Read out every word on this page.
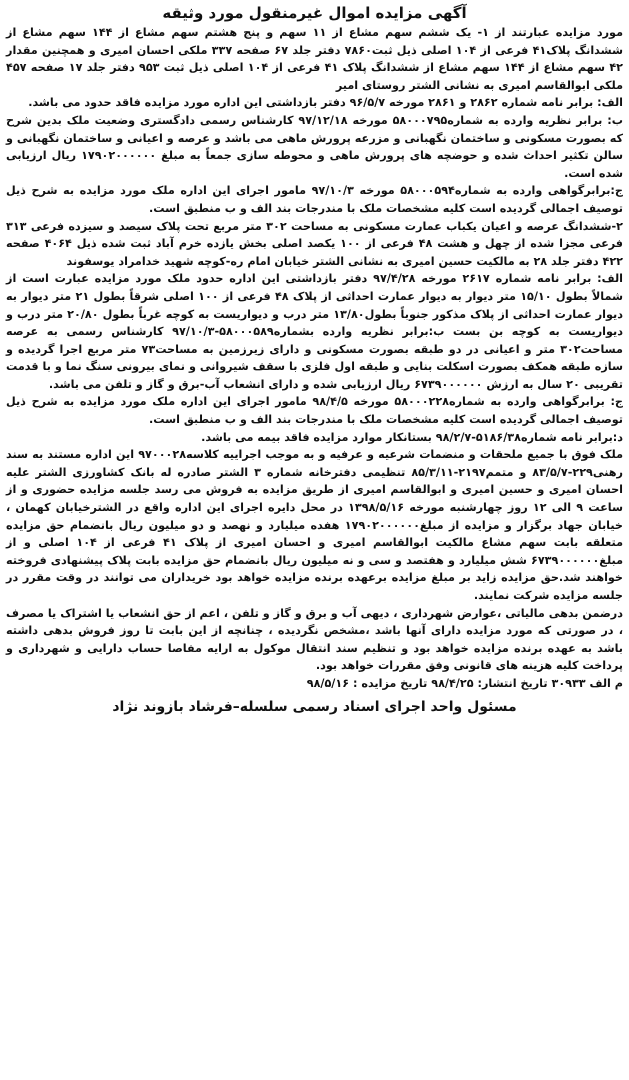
آگهی مزایده اموال غیرمنقول مورد وثیقه

مورد مزایده عبارتند از ۱- یک ششم سهم مشاع از ۱۱ سهم و پنج هشتم سهم مشاع از ۱۴۴ سهم مشاع از ششدانگ پلاک۴۱ فرعی از ۱۰۴ اصلی ذیل ثبت۷۸۶۰ دفتر جلد ۶۷ صفحه ۳۳۷ ملکی احسان امیری و همچنین مقدار ۴۲ سهم مشاع از ۱۴۴ سهم مشاع از ششدانگ پلاک ۴۱ فرعی از ۱۰۴ اصلی ذیل ثبت ۹۵۳ دفتر جلد ۱۷ صفحه ۴۵۷ ملکی ابوالقاسم امیری به نشانی الشتر روستای امیر

الف: برابر نامه شماره ۲۸۶۲ و ۲۸۶۱ مورخه ۹۶/۵/۷ دفتر بازداشتی این اداره مورد مزایده فاقد حدود می باشد.

ب: برابر نظریه وارده به شماره۵۸۰۰۰۷۹۵ مورخه ۹۷/۱۲/۱۸ کارشناس رسمی دادگستری وضعیت ملک بدین شرح که بصورت مسکونی و ساختمان نگهبانی و مزرعه پرورش ماهی می باشد و عرصه و اعیانی و ساختمان نگهبانی و سالن تکثیر احداث شده و حوضچه های پرورش ماهی و محوطه سازی جمعاً به مبلغ ۱۷۹۰۲۰۰۰۰۰۰ ریال ارزیابی شده است.

ج:برابرگواهی وارده به شماره۵۸۰۰۰۵۹۴ مورخه ۹۷/۱۰/۳ مامور اجرای این اداره ملک مورد مزایده به شرح ذیل توصیف اجمالی گردیده است کلیه مشخصات ملک با مندرجات بند الف و ب منطبق است.

۲-ششدانگ عرصه و اعیان یکباب عمارت مسکونی به مساحت ۳۰۲ متر مربع تحت پلاک سیصد و سیزده فرعی ۳۱۳ فرعی مجزا شده از چهل و هشت ۴۸ فرعی از ۱۰۰ یکصد اصلی بخش یازده خرم آباد ثبت شده ذیل ۴۰۶۴ صفحه ۴۲۲ دفتر جلد ۲۸ به مالکیت حسین امیری به نشانی الشتر خیابان امام ره-کوچه شهید خدامراد یوسفوند

الف: برابر نامه شماره ۲۶۱۷ مورخه ۹۷/۴/۲۸ دفتر بازداشتی این اداره حدود ملک مورد مزایده عبارت است از شمالاً بطول ۱۵/۱۰ متر دیوار به دیوار عمارت احداثی از پلاک ۴۸ فرعی از ۱۰۰ اصلی شرقاً بطول ۲۱ متر دیوار به دیوار عمارت احداثی از پلاک مذکور جنوباً بطول۱۳/۸۰ متر درب و دیواریست به کوچه غرباً بطول ۲۰/۸۰ متر درب و دیواریست به کوچه بن بست ب:برابر نظریه وارده بشماره۵۸۰۰۰۵۸۹-۹۷/۱۰/۳ کارشناس رسمی به عرصه مساحت۳۰۲ متر و اعیانی در دو طبقه بصورت مسکونی و دارای زیرزمین به مساحت۷۳ متر مربع اجرا گردیده و سازه طبقه همکف بصورت اسکلت بنایی و طبقه اول فلزی با سقف شیروانی و نمای بیرونی سنگ نما و با قدمت تقریبی ۲۰ سال به ارزش ۶۷۳۹۰۰۰۰۰۰ ریال ارزیابی شده و دارای انشعاب آب-برق و گاز و تلفن می باشد.

ج: برابرگواهی وارده به شماره۵۸۰۰۰۲۲۸ مورخه ۹۸/۴/۵ مامور اجرای این اداره ملک مورد مزایده به شرح ذیل توصیف اجمالی گردیده است کلیه مشخصات ملک با مندرجات بند الف و ب منطبق است.

د:برابر نامه شماره۵۱۸۶/۳۸-۹۸/۲/۷ بستانکار موارد مزایده فاقد بیمه می باشد.

ملک فوق با جمیع ملحقات و منضمات شرعیه و عرفیه و به موجب اجراییه کلاسه۹۷۰۰۰۲۸ این اداره مستند به سند رهنی۲۲۹-۸۳/۵/۷ و متمم۲۱۹۷-۸۵/۳/۱۱ تنظیمی دفترخانه شماره ۳ الشتر صادره له بانک کشاورزی الشتر علیه احسان امیری و حسین امیری و ابوالقاسم امیری از طریق مزایده به فروش می رسد جلسه مزایده حضوری و از ساعت ۹ الی ۱۲ روز چهارشنبه مورخه ۱۳۹۸/۵/۱۶ در محل دایره اجرای این اداره واقع در الشترخیابان کهمان ، خیابان جهاد برگزار و مزایده از مبلغ۱۷۹۰۲۰۰۰۰۰۰ هفده میلیارد و نهصد و دو میلیون ریال بانضمام حق مزایده متعلقه بابت سهم مشاع مالکیت ابوالقاسم امیری و احسان امیری از پلاک ۴۱ فرعی از ۱۰۴ اصلی و از مبلغ۶۷۳۹۰۰۰۰۰۰ شش میلیارد و هفتصد و سی و نه میلیون ریال بانضمام حق مزایده بابت پلاک پیشنهادی فروخته خواهند شد.حق مزایده زاید بر مبلغ مزایده برعهده برنده مزایده خواهد بود خریداران می توانند در وقت مقرر در جلسه مزایده شرکت نمایند.

درضمن بدهی مالیاتی ،عوارض شهرداری ، دیهی آب و برق و گاز و تلفن ، اعم از حق انشعاب یا اشتراک یا مصرف ، در صورتی که مورد مزایده دارای آنها باشد ،مشخص نگردیده ، چنانچه از این بابت تا روز فروش بدهی داشته باشد به عهده برنده مزایده خواهد بود و تنظیم سند انتقال موکول به ارایه مفاصا حساب دارایی و شهرداری و پرداخت کلیه هزینه های قانونی وفق مقررات خواهد بود.

م الف ۳۰۹۳۳ تاریخ انتشار: ۹۸/۴/۲۵ تاریخ مزایده : ۹۸/۵/۱۶
مسئول واحد اجرای اسناد رسمی سلسله–فرشاد بازوند نژاد
